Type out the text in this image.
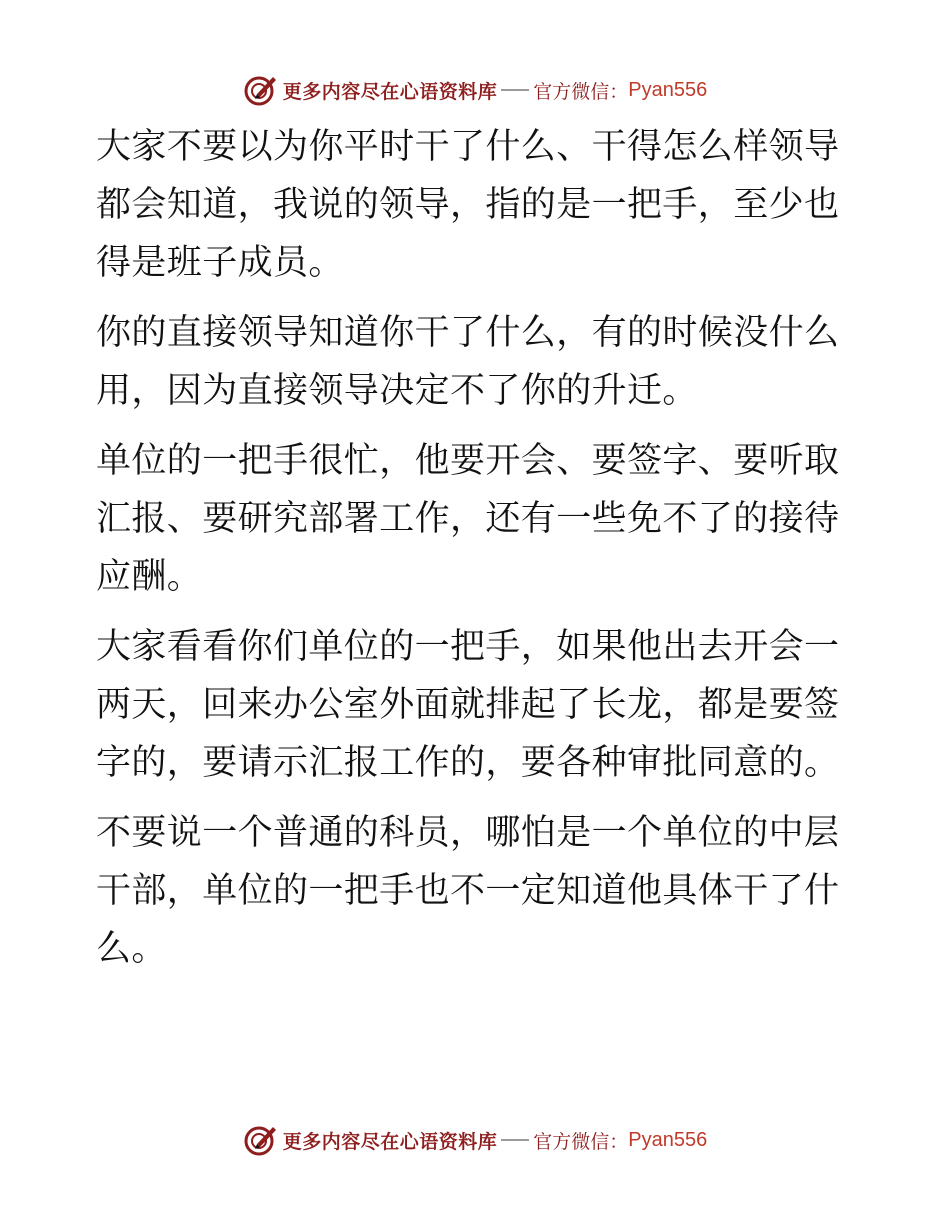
更多内容尽在心语资料库 官方微信： Pyan556

大家不要以为你平时干了什么、干得怎么样领导都会知道，我说的领导，指的是一把手，至少也得是班子成员。

你的直接领导知道你干了什么，有的时候没什么用，因为直接领导决定不了你的升迁。

单位的一把手很忙，他要开会、要签字、要听取汇报、要研究部署工作，还有一些免不了的接待应酬。

大家看看你们单位的一把手，如果他出去开会一两天，回来办公室外面就排起了长龙，都是要签字的，要请示汇报工作的，要各种审批同意的。

不要说一个普通的科员，哪怕是一个单位的中层干部，单位的一把手也不一定知道他具体干了什么。

更多内容尽在心语资料库 官方微信： Pyan556
